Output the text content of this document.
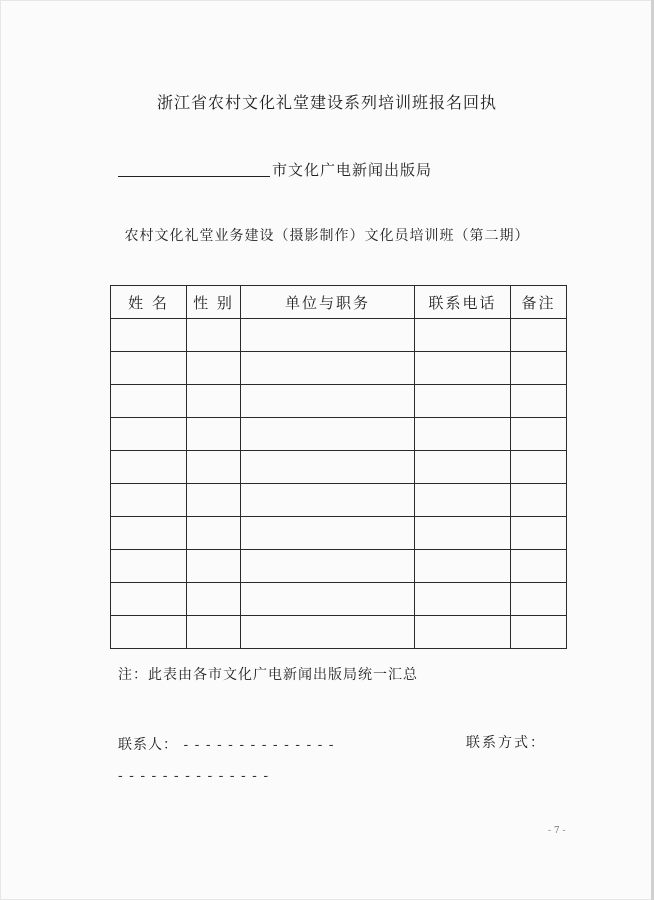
浙江省农村文化礼堂建设系列培训班报名回执
市文化广电新闻出版局
农村文化礼堂业务建设（摄影制作）文化员培训班（第二期）
姓 名	性 别	单位与职务	联系电话	备注

注：此表由各市文化广电新闻出版局统一汇总
联系人： - - - - - - - - - - - - - -	联系方式：
- - - - - - - - - - - - - -
- 7 -
